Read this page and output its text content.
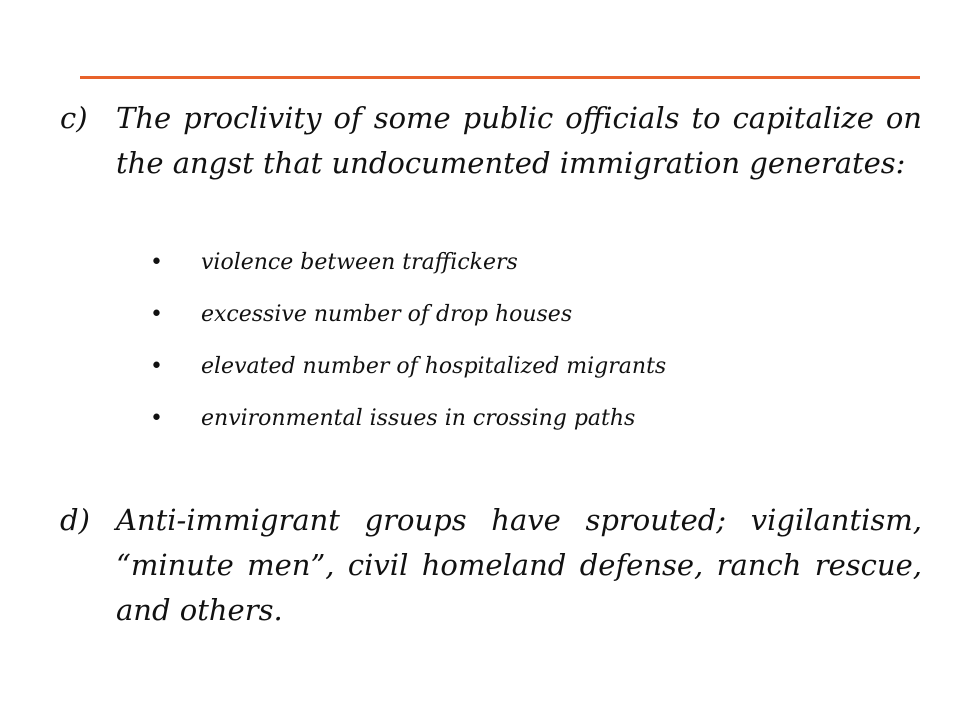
c) The proclivity of some public officials to capitalize on the angst that undocumented immigration generates:
• violence between traffickers
• excessive number of drop houses
• elevated number of hospitalized migrants
• environmental issues in crossing paths
d) Anti-immigrant groups have sprouted; vigilantism, “minute men”, civil homeland defense, ranch rescue, and others.
